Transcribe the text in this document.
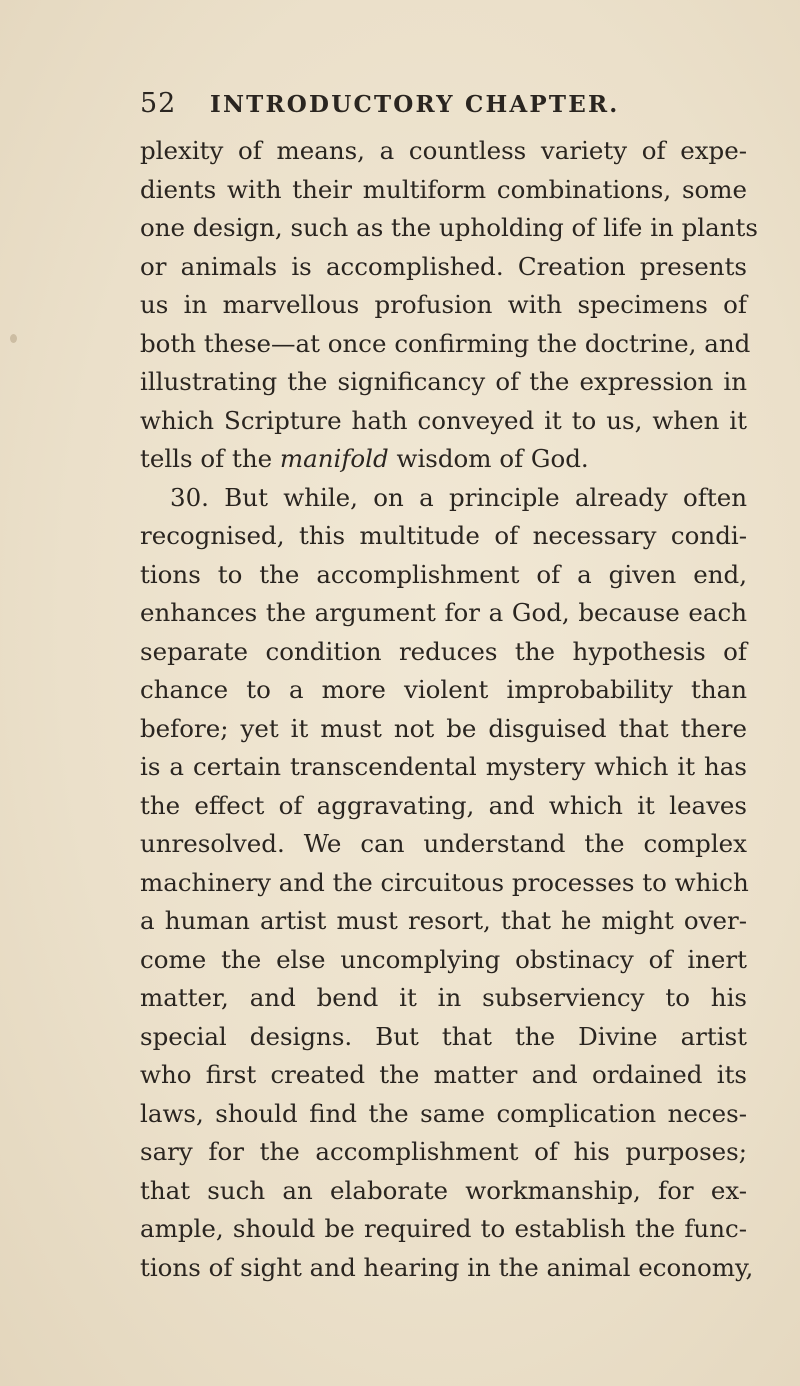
52	INTRODUCTORY CHAPTER.
plexity of means, a countless variety of expe-
dients with their multiform combinations, some
one design, such as the upholding of life in plants
or animals is accomplished. Creation presents
us in marvellous profusion with specimens of
both these—at once confirming the doctrine, and
illustrating the significancy of the expression in
which Scripture hath conveyed it to us, when it
tells of the manifold wisdom of God.
30. But while, on a principle already often
recognised, this multitude of necessary condi-
tions to the accomplishment of a given end,
enhances the argument for a God, because each
separate condition reduces the hypothesis of
chance to a more violent improbability than
before; yet it must not be disguised that there
is a certain transcendental mystery which it has
the effect of aggravating, and which it leaves
unresolved. We can understand the complex
machinery and the circuitous processes to which
a human artist must resort, that he might over-
come the else uncomplying obstinacy of inert
matter, and bend it in subserviency to his
special designs. But that the Divine artist
who first created the matter and ordained its
laws, should find the same complication neces-
sary for the accomplishment of his purposes;
that such an elaborate workmanship, for ex-
ample, should be required to establish the func-
tions of sight and hearing in the animal economy,
